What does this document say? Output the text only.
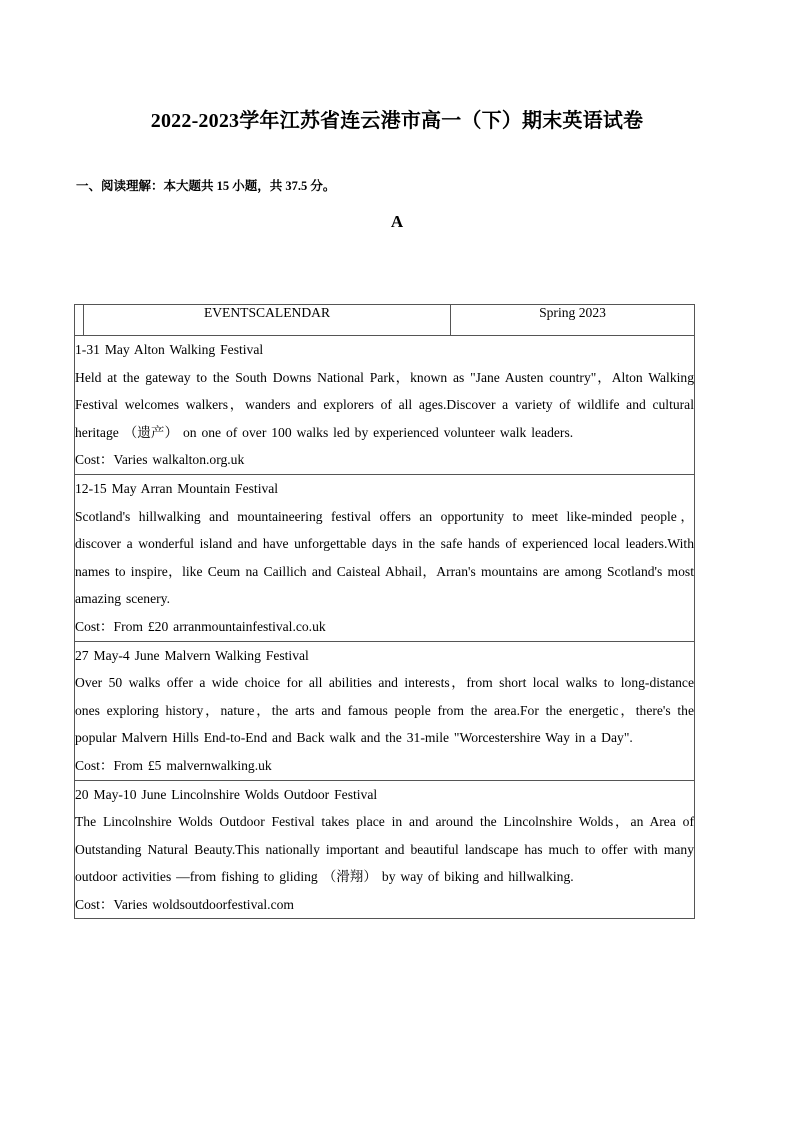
2022-2023学年江苏省连云港市高一（下）期末英语试卷
一、阅读理解：本大题共 15 小题，共 37.5 分。
A
	EVENTSCALENDAR	Spring 2023

1-31 May Alton Walking Festival

Held at the gateway to the South Downs National Park，known as "Jane Austen country"，Alton Walking Festival welcomes walkers，wanders and explorers of all ages.Discover a variety of wildlife and cultural heritage （遗产） on one of over 100 walks led by experienced volunteer walk leaders.

Cost：Varies walkalton.org.uk

12-15 May Arran Mountain Festival

Scotland's hillwalking and mountaineering festival offers an opportunity to meet like-minded people，discover a wonderful island and have unforgettable days in the safe hands of experienced local leaders.With names to inspire，like Ceum na Caillich and Caisteal Abhail，Arran's mountains are among Scotland's most amazing scenery.

Cost：From £20 arranmountainfestival.co.uk

27 May-4 June Malvern Walking Festival

Over 50 walks offer a wide choice for all abilities and interests，from short local walks to long-distance ones exploring history，nature，the arts and famous people from the area.For the energetic，there's the popular Malvern Hills End-to-End and Back walk and the 31-mile "Worcestershire Way in a Day".

Cost：From £5 malvernwalking.uk

20 May-10 June Lincolnshire Wolds Outdoor Festival

The Lincolnshire Wolds Outdoor Festival takes place in and around the Lincolnshire Wolds，an Area of Outstanding Natural Beauty.This nationally important and beautiful landscape has much to offer with many outdoor activities —from fishing to gliding （滑翔） by way of biking and hillwalking.

Cost：Varies woldsoutdoorfestival.com
